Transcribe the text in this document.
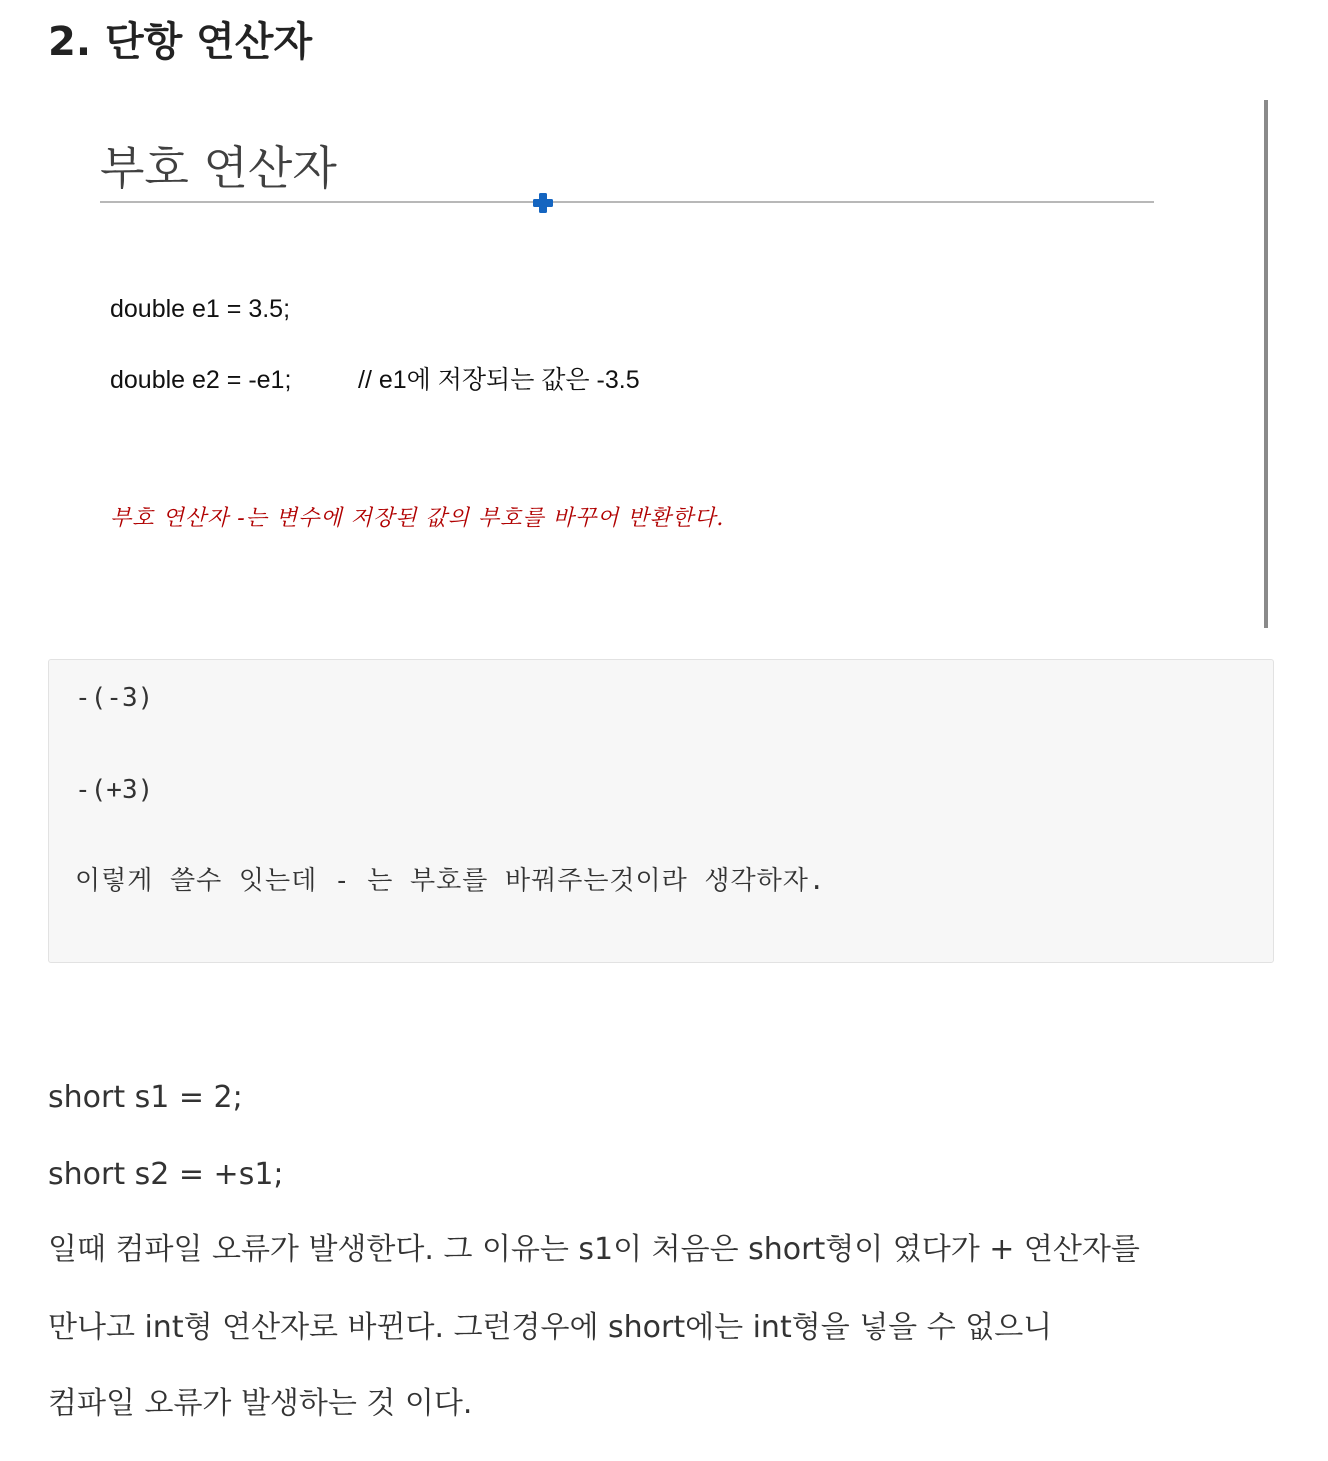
2. 단항 연산자
부호 연산자
double e1 = 3.5;
double e2 = -e1;	// e1에 저장되는 값은 -3.5
부호 연산자 -는 변수에 저장된 값의 부호를 바꾸어 반환한다.
-(-3)
-(+3)
이렇게 쓸수 잇는데 - 는 부호를 바꿔주는것이라 생각하자.
short s1 = 2;
short s2 = +s1;
일때 컴파일 오류가 발생한다. 그 이유는 s1이 처음은 short형이 였다가 + 연산자를
만나고 int형 연산자로 바뀐다. 그런경우에 short에는 int형을 넣을 수 없으니
컴파일 오류가 발생하는 것 이다.
